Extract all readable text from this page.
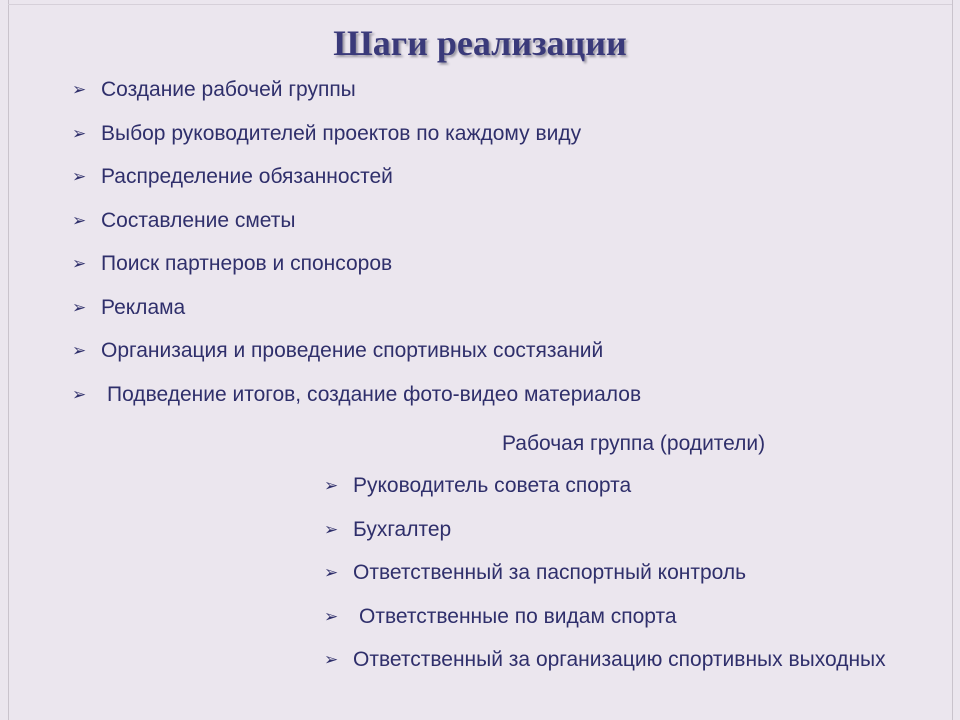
Шаги реализации
➢ Создание рабочей группы
➢ Выбор руководителей проектов по каждому виду
➢ Распределение обязанностей
➢ Составление сметы
➢ Поиск партнеров и спонсоров
➢ Реклама
➢ Организация и проведение спортивных состязаний
➢ Подведение итогов, создание фото-видео материалов

Рабочая группа (родители)

➢ Руководитель совета спорта
➢ Бухгалтер
➢ Ответственный за паспортный контроль
➢ Ответственные по видам спорта
➢ Ответственный за организацию спортивных выходных
